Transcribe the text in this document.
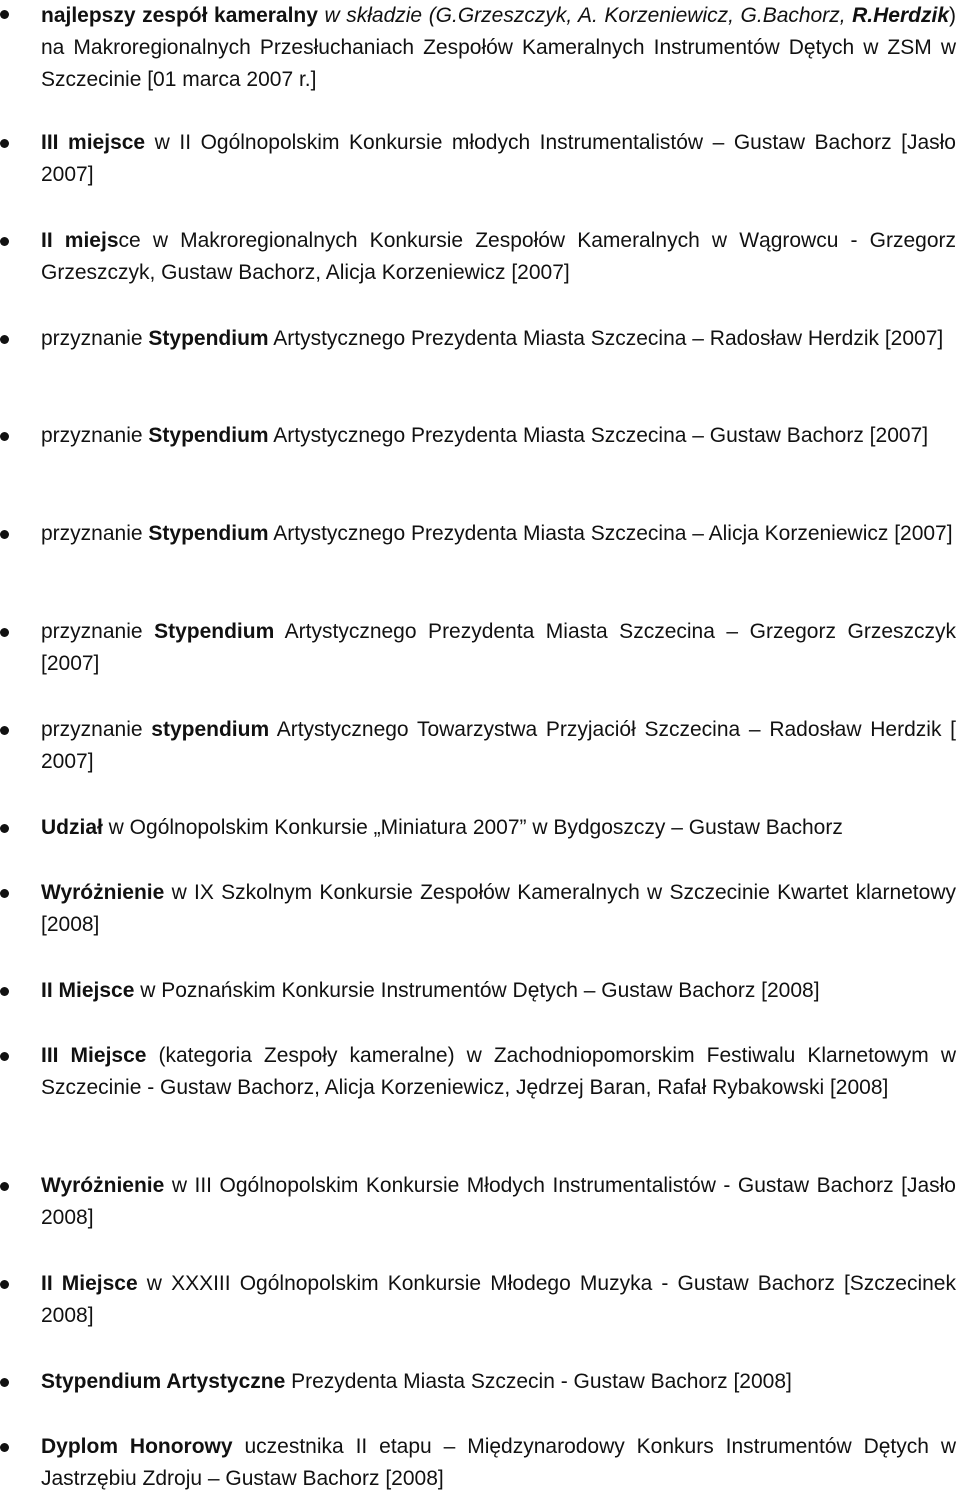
najlepszy zespół kameralny w składzie (G.Grzeszczyk, A. Korzeniewicz, G.Bachorz, R.Herdzik) na Makroregionalnych Przesłuchaniach Zespołów Kameralnych Instrumentów Dętych w ZSM w Szczecinie [01 marca 2007 r.]
III miejsce w II Ogólnopolskim Konkursie młodych Instrumentalistów – Gustaw Bachorz [Jasło 2007]
II miejsce w Makroregionalnych Konkursie Zespołów Kameralnych w Wągrowcu - Grzegorz Grzeszczyk, Gustaw Bachorz, Alicja Korzeniewicz [2007]
przyznanie Stypendium Artystycznego Prezydenta Miasta Szczecina – Radosław Herdzik [2007]
przyznanie Stypendium Artystycznego Prezydenta Miasta Szczecina – Gustaw Bachorz [2007]
przyznanie Stypendium Artystycznego Prezydenta Miasta Szczecina – Alicja Korzeniewicz [2007]
przyznanie Stypendium Artystycznego Prezydenta Miasta Szczecina – Grzegorz Grzeszczyk [2007]
przyznanie stypendium Artystycznego Towarzystwa Przyjaciół Szczecina – Radosław Herdzik [ 2007]
Udział w Ogólnopolskim Konkursie „Miniatura 2007” w Bydgoszczy – Gustaw Bachorz
Wyróżnienie w IX Szkolnym Konkursie Zespołów Kameralnych w Szczecinie Kwartet klarnetowy [2008]
II Miejsce w Poznańskim Konkursie Instrumentów Dętych – Gustaw Bachorz [2008]
III Miejsce (kategoria Zespoły kameralne) w Zachodniopomorskim Festiwalu Klarnetowym w Szczecinie - Gustaw Bachorz, Alicja Korzeniewicz, Jędrzej Baran, Rafał Rybakowski [2008]
Wyróżnienie w III Ogólnopolskim Konkursie Młodych Instrumentalistów - Gustaw Bachorz [Jasło 2008]
II Miejsce w XXXIII Ogólnopolskim Konkursie Młodego Muzyka - Gustaw Bachorz [Szczecinek 2008]
Stypendium Artystyczne Prezydenta Miasta Szczecin - Gustaw Bachorz [2008]
Dyplom Honorowy uczestnika II etapu – Międzynarodowy Konkurs Instrumentów Dętych w Jastrzębiu Zdroju – Gustaw Bachorz [2008]
